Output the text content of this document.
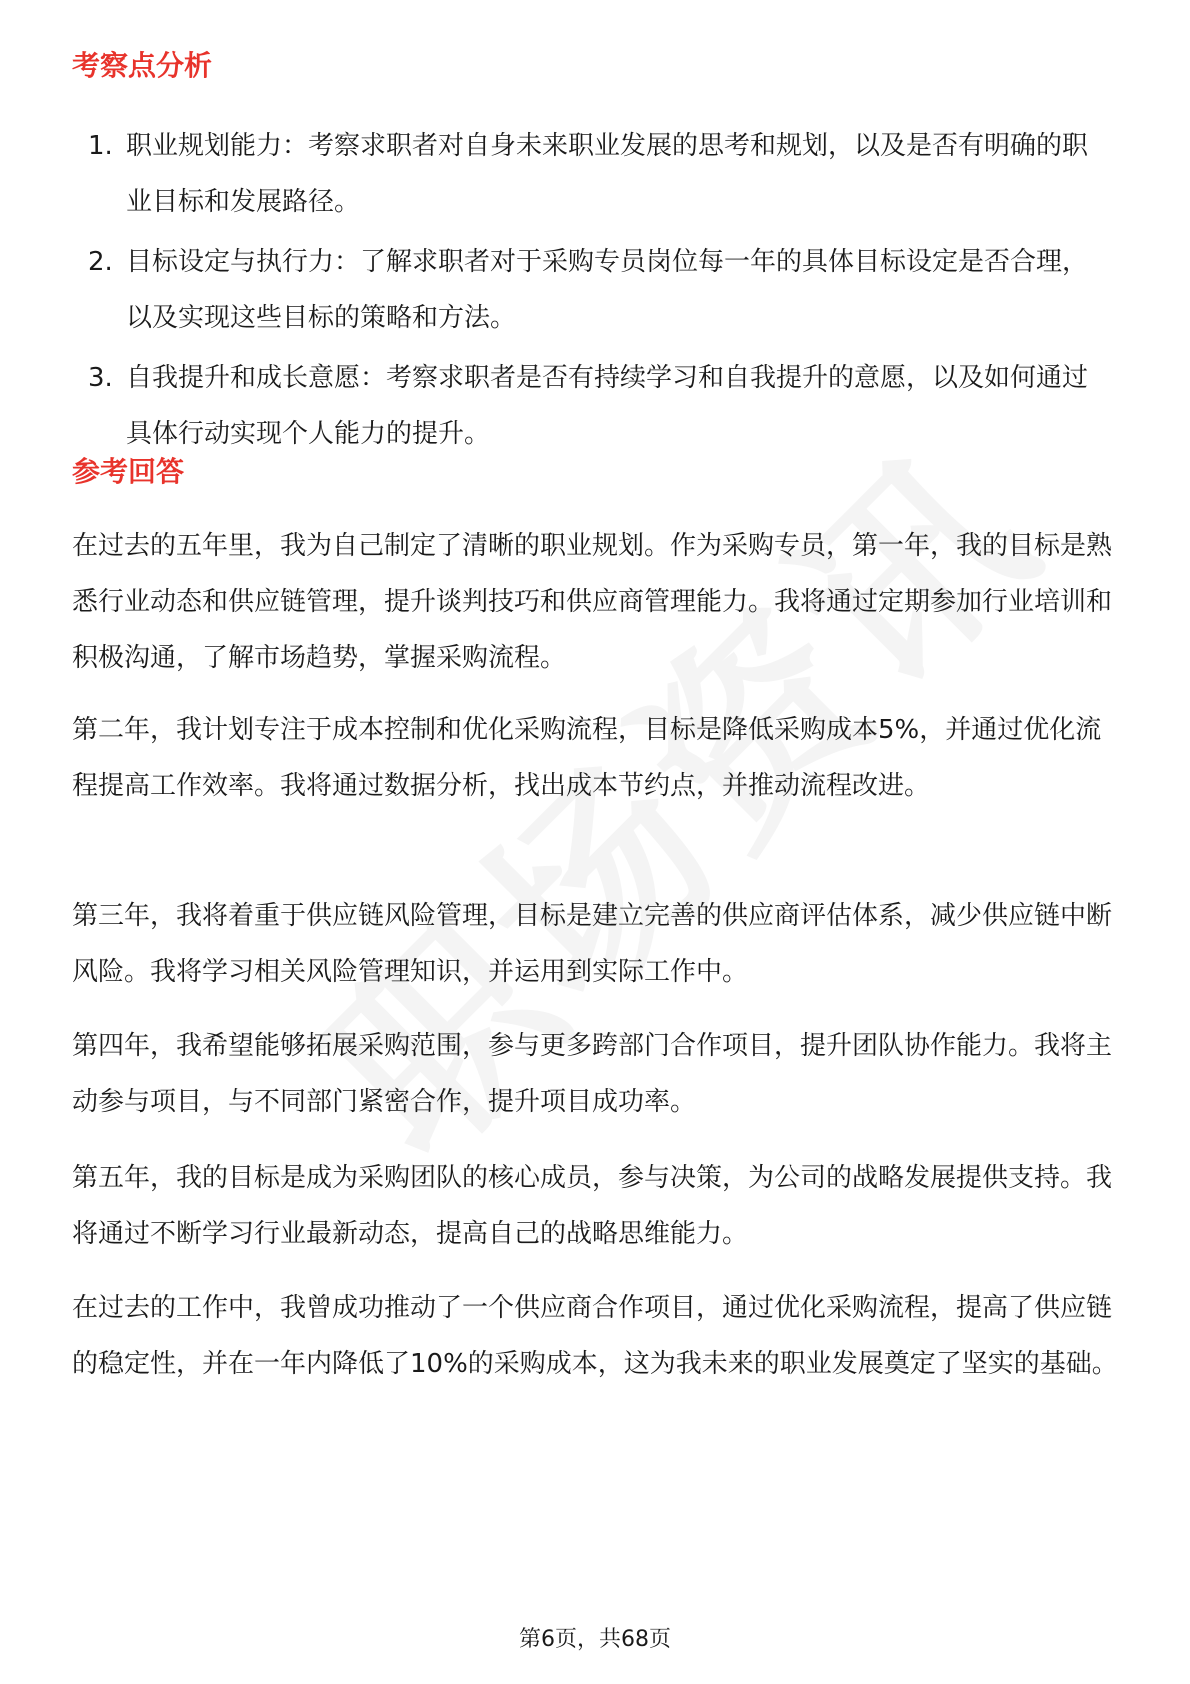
考察点分析
1. 职业规划能力：考察求职者对自身未来职业发展的思考和规划，以及是否有明确的职业目标和发展路径。
2. 目标设定与执行力：了解求职者对于采购专员岗位每一年的具体目标设定是否合理，以及实现这些目标的策略和方法。
3. 自我提升和成长意愿：考察求职者是否有持续学习和自我提升的意愿，以及如何通过具体行动实现个人能力的提升。
参考回答

在过去的五年里，我为自己制定了清晰的职业规划。作为采购专员，第一年，我的目标是熟悉行业动态和供应链管理，提升谈判技巧和供应商管理能力。我将通过定期参加行业培训和积极沟通，了解市场趋势，掌握采购流程。

第二年，我计划专注于成本控制和优化采购流程，目标是降低采购成本5%，并通过优化流程提高工作效率。我将通过数据分析，找出成本节约点，并推动流程改进。

第三年，我将着重于供应链风险管理，目标是建立完善的供应商评估体系，减少供应链中断风险。我将学习相关风险管理知识，并运用到实际工作中。

第四年，我希望能够拓展采购范围，参与更多跨部门合作项目，提升团队协作能力。我将主动参与项目，与不同部门紧密合作，提升项目成功率。

第五年，我的目标是成为采购团队的核心成员，参与决策，为公司的战略发展提供支持。我将通过不断学习行业最新动态，提高自己的战略思维能力。

在过去的工作中，我曾成功推动了一个供应商合作项目，通过优化采购流程，提高了供应链的稳定性，并在一年内降低了10%的采购成本，这为我未来的职业发展奠定了坚实的基础。

第6页，共68页
